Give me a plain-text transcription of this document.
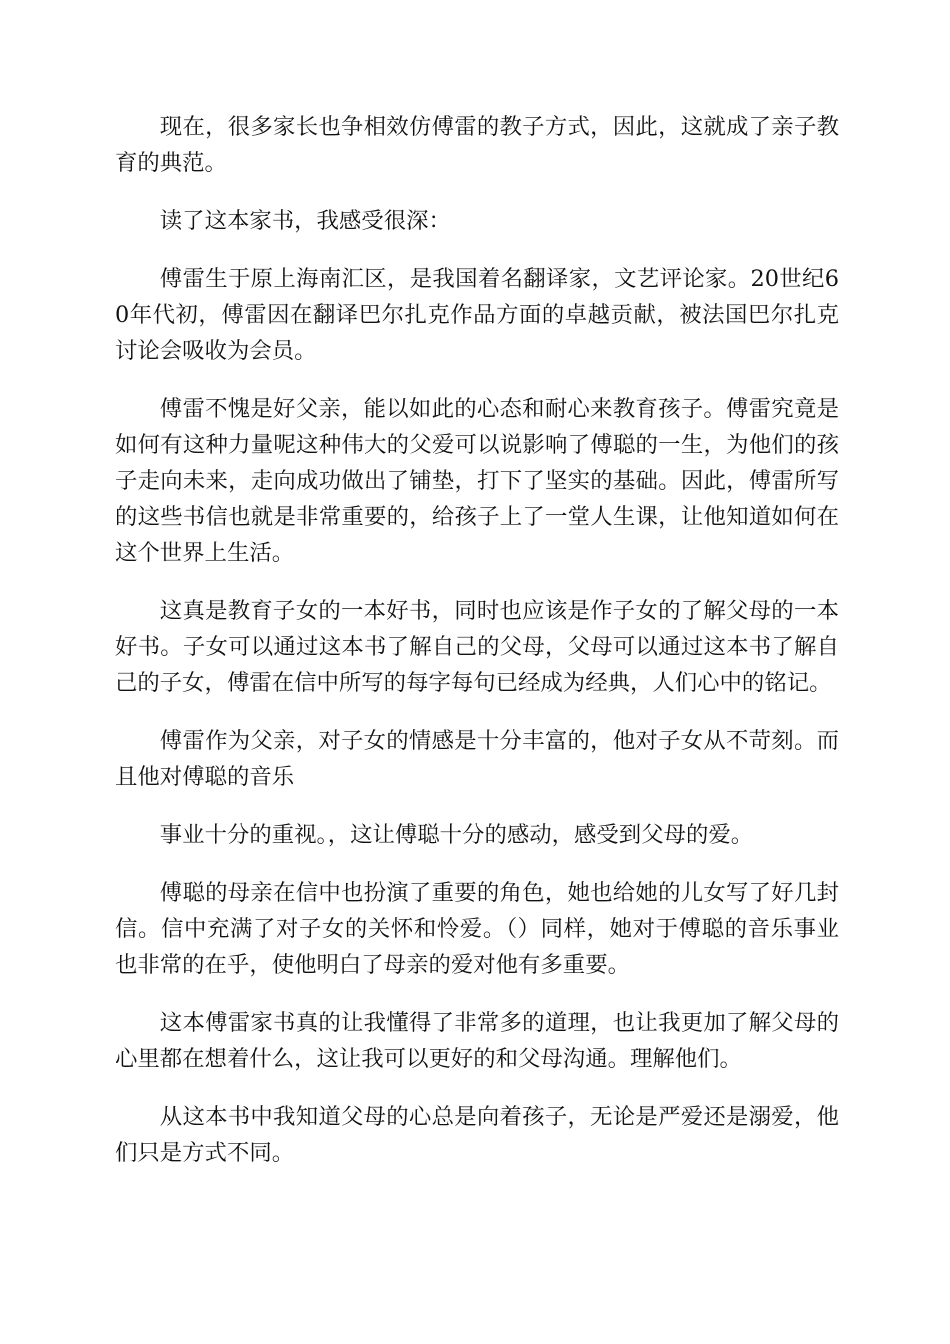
现在，很多家长也争相效仿傅雷的教子方式，因此，这就成了亲子教育的典范。

读了这本家书，我感受很深：

傅雷生于原上海南汇区，是我国着名翻译家，文艺评论家。20世纪60年代初，傅雷因在翻译巴尔扎克作品方面的卓越贡献，被法国巴尔扎克讨论会吸收为会员。

傅雷不愧是好父亲，能以如此的心态和耐心来教育孩子。傅雷究竟是如何有这种力量呢这种伟大的父爱可以说影响了傅聪的一生，为他们的孩子走向未来，走向成功做出了铺垫，打下了坚实的基础。因此，傅雷所写的这些书信也就是非常重要的，给孩子上了一堂人生课，让他知道如何在这个世界上生活。

这真是教育子女的一本好书，同时也应该是作子女的了解父母的一本好书。子女可以通过这本书了解自己的父母，父母可以通过这本书了解自己的子女，傅雷在信中所写的每字每句已经成为经典，人们心中的铭记。

傅雷作为父亲，对子女的情感是十分丰富的，他对子女从不苛刻。而且他对傅聪的音乐

事业十分的重视。，这让傅聪十分的感动，感受到父母的爱。

傅聪的母亲在信中也扮演了重要的角色，她也给她的儿女写了好几封信。信中充满了对子女的关怀和怜爱。（）同样，她对于傅聪的音乐事业也非常的在乎，使他明白了母亲的爱对他有多重要。

这本傅雷家书真的让我懂得了非常多的道理，也让我更加了解父母的心里都在想着什么，这让我可以更好的和父母沟通。理解他们。

从这本书中我知道父母的心总是向着孩子，无论是严爱还是溺爱，他们只是方式不同。
